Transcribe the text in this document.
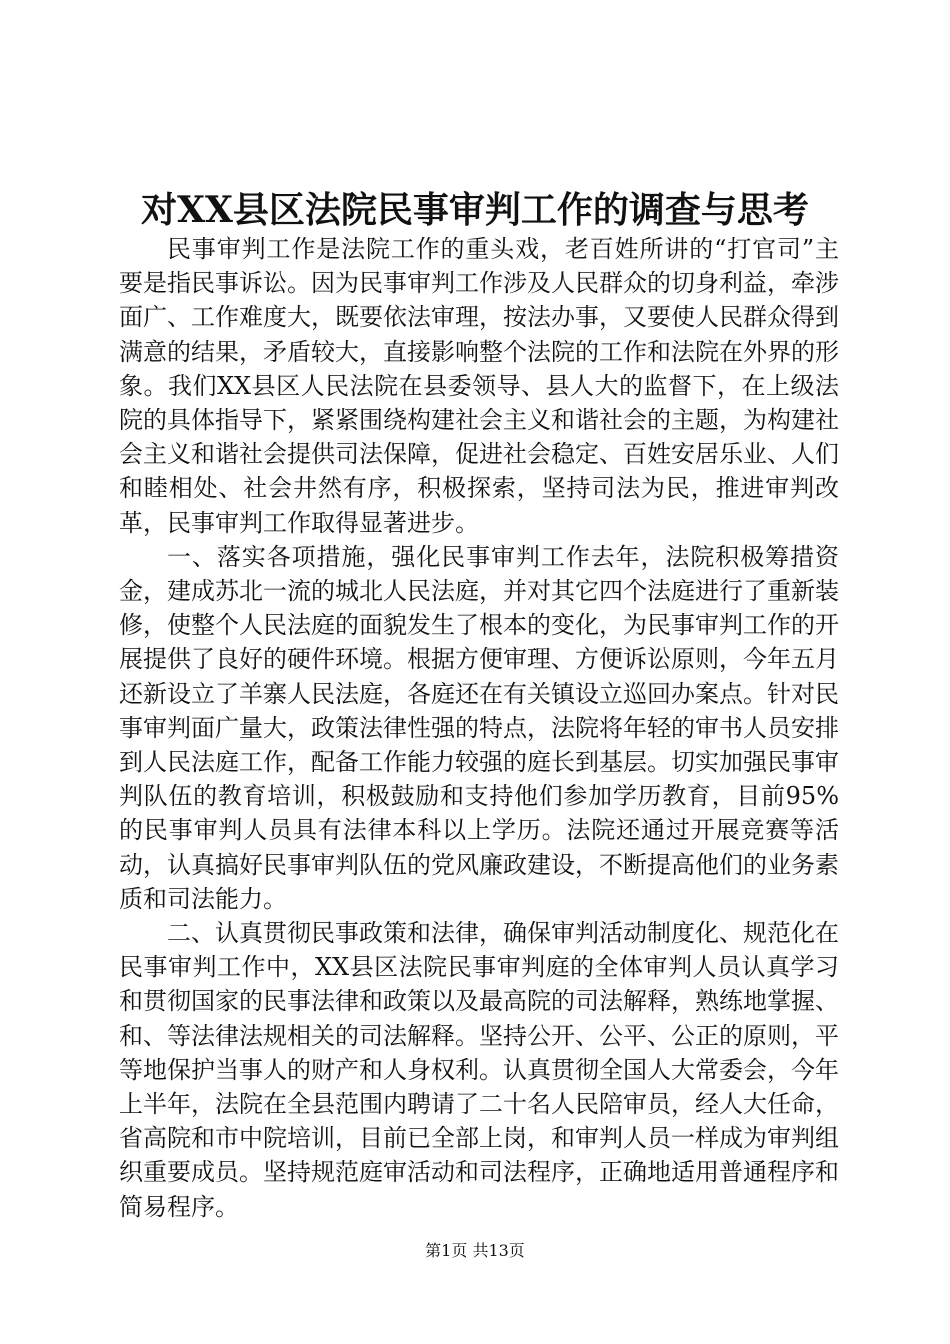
对XX县区法院民事审判工作的调查与思考

民事审判工作是法院工作的重头戏，老百姓所讲的“打官司”主要是指民事诉讼。因为民事审判工作涉及人民群众的切身利益，牵涉面广、工作难度大，既要依法审理，按法办事，又要使人民群众得到满意的结果，矛盾较大，直接影响整个法院的工作和法院在外界的形象。我们XX县区人民法院在县委领导、县人大的监督下，在上级法院的具体指导下，紧紧围绕构建社会主义和谐社会的主题，为构建社会主义和谐社会提供司法保障，促进社会稳定、百姓安居乐业、人们和睦相处、社会井然有序，积极探索，坚持司法为民，推进审判改革，民事审判工作取得显著进步。

一、落实各项措施，强化民事审判工作去年，法院积极筹措资金，建成苏北一流的城北人民法庭，并对其它四个法庭进行了重新装修，使整个人民法庭的面貌发生了根本的变化，为民事审判工作的开展提供了良好的硬件环境。根据方便审理、方便诉讼原则，今年五月还新设立了羊寨人民法庭，各庭还在有关镇设立巡回办案点。针对民事审判面广量大，政策法律性强的特点，法院将年轻的审书人员安排到人民法庭工作，配备工作能力较强的庭长到基层。切实加强民事审判队伍的教育培训，积极鼓励和支持他们参加学历教育，目前95%的民事审判人员具有法律本科以上学历。法院还通过开展竞赛等活动，认真搞好民事审判队伍的党风廉政建设，不断提高他们的业务素质和司法能力。

二、认真贯彻民事政策和法律，确保审判活动制度化、规范化在民事审判工作中，XX县区法院民事审判庭的全体审判人员认真学习和贯彻国家的民事法律和政策以及最高院的司法解释，熟练地掌握、和、等法律法规相关的司法解释。坚持公开、公平、公正的原则，平等地保护当事人的财产和人身权利。认真贯彻全国人大常委会，今年上半年，法院在全县范围内聘请了二十名人民陪审员，经人大任命，省高院和市中院培训，目前已全部上岗，和审判人员一样成为审判组织重要成员。坚持规范庭审活动和司法程序，正确地适用普通程序和简易程序。

第1页 共13页
